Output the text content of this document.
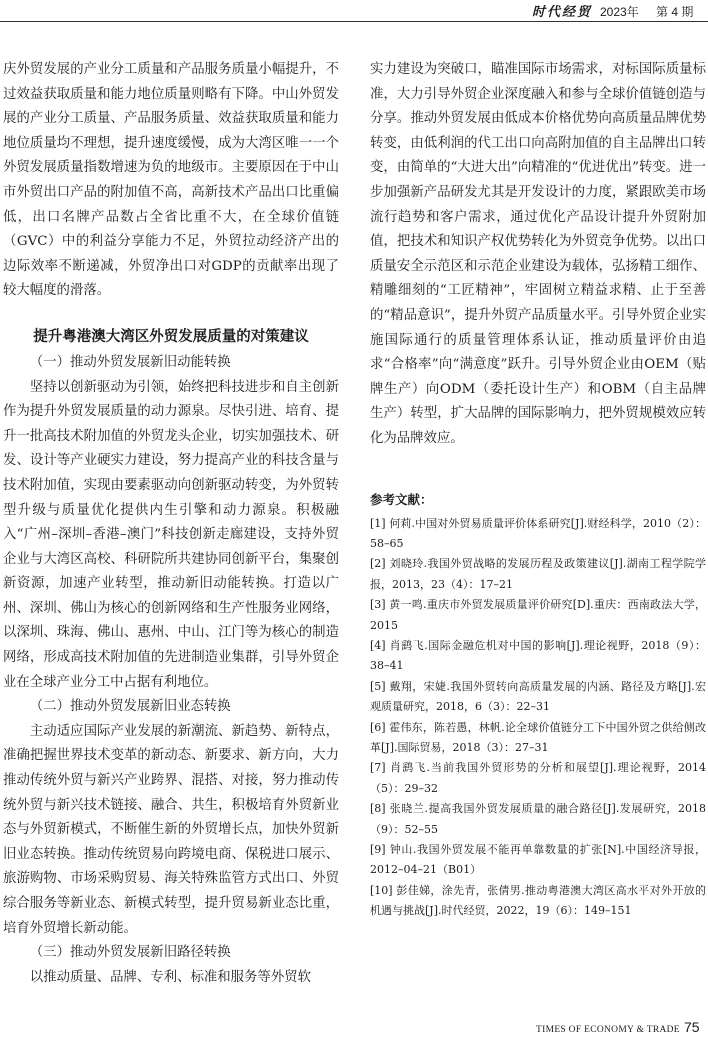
时代经贸 2023年 第 4 期

庆外贸发展的产业分工质量和产品服务质量小幅提升，不过效益获取质量和能力地位质量则略有下降。中山外贸发展的产业分工质量、产品服务质量、效益获取质量和能力地位质量均不理想，提升速度缓慢，成为大湾区唯一一个外贸发展质量指数增速为负的地级市。主要原因在于中山市外贸出口产品的附加值不高，高新技术产品出口比重偏低，出口名牌产品数占全省比重不大，在全球价值链（GVC）中的利益分享能力不足，外贸拉动经济产出的边际效率不断递减，外贸净出口对GDP的贡献率出现了较大幅度的滑落。

提升粤港澳大湾区外贸发展质量的对策建议
（一）推动外贸发展新旧动能转换

坚持以创新驱动为引领，始终把科技进步和自主创新作为提升外贸发展质量的动力源泉。尽快引进、培育、提升一批高技术附加值的外贸龙头企业，切实加强技术、研发、设计等产业硬实力建设，努力提高产业的科技含量与技术附加值，实现由要素驱动向创新驱动转变，为外贸转型升级与质量优化提供内生引擎和动力源泉。积极融入“广州–深圳–香港–澳门”科技创新走廊建设，支持外贸企业与大湾区高校、科研院所共建协同创新平台，集聚创新资源，加速产业转型，推动新旧动能转换。打造以广州、深圳、佛山为核心的创新网络和生产性服务业网络，以深圳、珠海、佛山、惠州、中山、江门等为核心的制造网络，形成高技术附加值的先进制造业集群，引导外贸企业在全球产业分工中占据有利地位。

（二）推动外贸发展新旧业态转换

主动适应国际产业发展的新潮流、新趋势、新特点，准确把握世界技术变革的新动态、新要求、新方向，大力推动传统外贸与新兴产业跨界、混搭、对接，努力推动传统外贸与新兴技术链接、融合、共生，积极培育外贸新业态与外贸新模式，不断催生新的外贸增长点，加快外贸新旧业态转换。推动传统贸易向跨境电商、保税进口展示、旅游购物、市场采购贸易、海关特殊监管方式出口、外贸综合服务等新业态、新模式转型，提升贸易新业态比重，培育外贸增长新动能。

（三）推动外贸发展新旧路径转换

以推动质量、品牌、专利、标准和服务等外贸软

实力建设为突破口，瞄准国际市场需求，对标国际质量标准，大力引导外贸企业深度融入和参与全球价值链创造与分享。推动外贸发展由低成本价格优势向高质量品牌优势转变，由低利润的代工出口向高附加值的自主品牌出口转变，由简单的“大进大出”向精准的“优进优出”转变。进一步加强新产品研发尤其是开发设计的力度，紧跟欧美市场流行趋势和客户需求，通过优化产品设计提升外贸附加值，把技术和知识产权优势转化为外贸竞争优势。以出口质量安全示范区和示范企业建设为载体，弘扬精工细作、精雕细刻的“工匠精神”，牢固树立精益求精、止于至善的“精品意识”，提升外贸产品质量水平。引导外贸企业实施国际通行的质量管理体系认证，推动质量评价由追求“合格率”向“满意度”跃升。引导外贸企业由OEM（贴牌生产）向ODM（委托设计生产）和OBM（自主品牌生产）转型，扩大品牌的国际影响力，把外贸规模效应转化为品牌效应。

参考文献：
[1] 何莉.中国对外贸易质量评价体系研究[J].财经科学，2010（2）：58–65
[2] 刘晓玲.我国外贸战略的发展历程及政策建议[J].湖南工程学院学报，2013，23（4）：17–21
[3] 黄一鸣.重庆市外贸发展质量评价研究[D].重庆：西南政法大学，2015
[4] 肖鹞飞.国际金融危机对中国的影响[J].理论视野，2018（9）：38–41
[5] 戴翔，宋婕.我国外贸转向高质量发展的内涵、路径及方略[J].宏观质量研究，2018，6（3）：22–31
[6] 霍伟东，陈若愚，林帆.论全球价值链分工下中国外贸之供给侧改革[J].国际贸易，2018（3）：27–31
[7] 肖鹞飞.当前我国外贸形势的分析和展望[J].理论视野，2014（5）：29–32
[8] 张晓兰.提高我国外贸发展质量的融合路径[J].发展研究，2018（9）：52–55
[9] 钟山.我国外贸发展不能再单靠数量的扩张[N].中国经济导报，2012–04–21（B01）
[10] 彭佳娣，涂先青，张倩男.推动粤港澳大湾区高水平对外开放的机遇与挑战[J].时代经贸，2022，19（6）：149–151
TIMES OF ECONOMY & TRADE 75
